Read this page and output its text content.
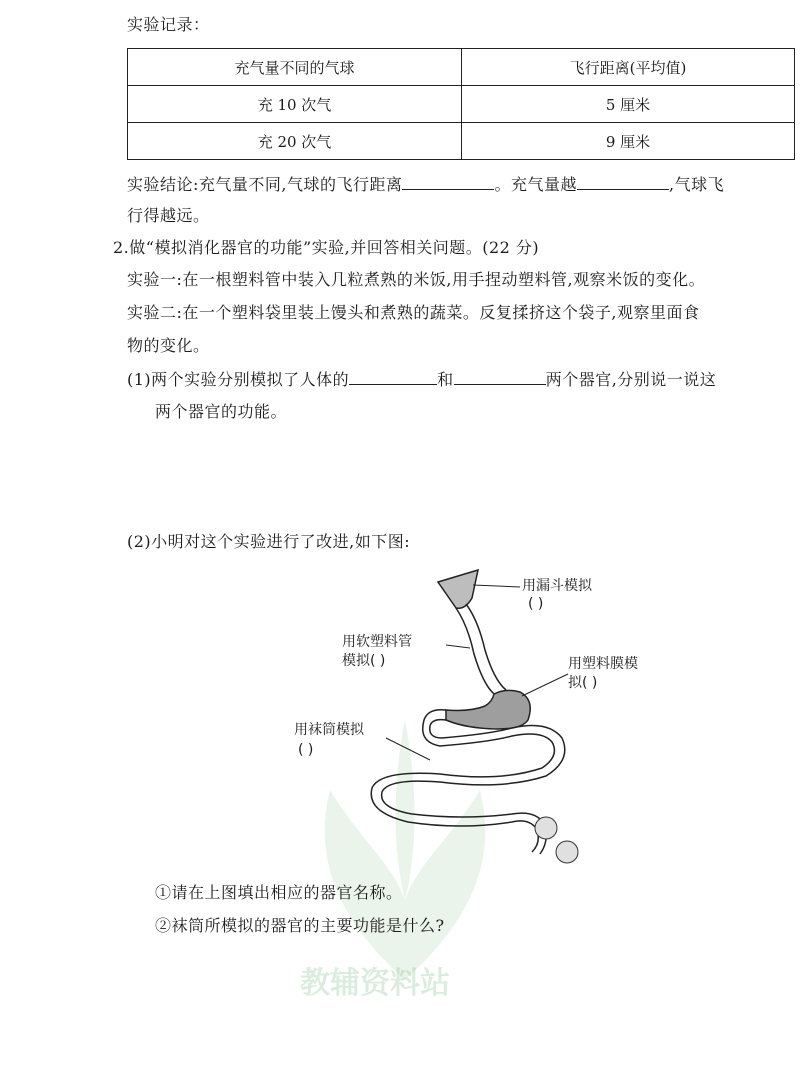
实验记录：
充气量不同的气球	飞行距离(平均值)
充 10 次气	5 厘米
充 20 次气	9 厘米
实验结论:充气量不同,气球的飞行距离	。充气量越	,气球飞
行得越远。
2.做“模拟消化器官的功能”实验,并回答相关问题。(22 分)
实验一:在一根塑料管中装入几粒煮熟的米饭,用手捏动塑料管,观察米饭的变化。
实验二:在一个塑料袋里装上馒头和煮熟的蔬菜。反复揉挤这个袋子,观察里面食
物的变化。
(1)两个实验分别模拟了人体的	和	两个器官,分别说一说这
两个器官的功能。
(2)小明对这个实验进行了改进,如下图:
教辅资料站
用漏斗模拟
( )
用软塑料管
模拟( )	用塑料膜模
拟( )
用袜筒模拟
( )
①请在上图填出相应的器官名称。
②袜筒所模拟的器官的主要功能是什么?
